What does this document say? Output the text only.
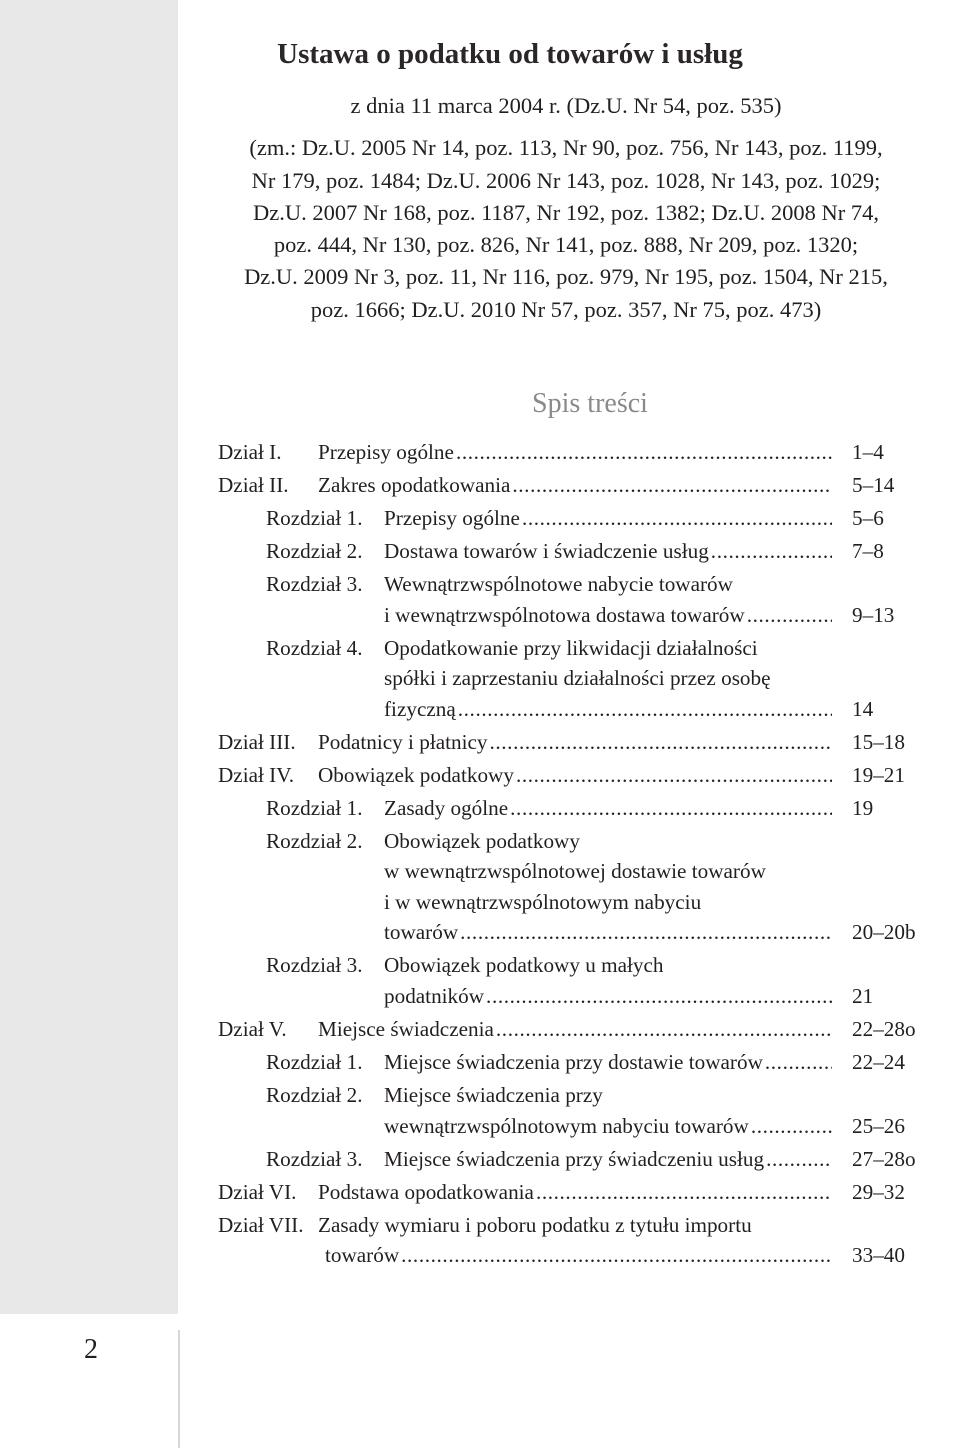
2
Ustawa o podatku od towarów i usług

z dnia 11 marca 2004 r. (Dz.U. Nr 54, poz. 535)

(zm.: Dz.U. 2005 Nr 14, poz. 113, Nr 90, poz. 756, Nr 143, poz. 1199,

Nr 179, poz. 1484; Dz.U. 2006 Nr 143, poz. 1028, Nr 143, poz. 1029;

Dz.U. 2007 Nr 168, poz. 1187, Nr 192, poz. 1382; Dz.U. 2008 Nr 74,

poz. 444, Nr 130, poz. 826, Nr 141, poz. 888, Nr 209, poz. 1320;

Dz.U. 2009 Nr 3, poz. 11, Nr 116, poz. 979, Nr 195, poz. 1504, Nr 215,

poz. 1666; Dz.U. 2010 Nr 57, poz. 357, Nr 75, poz. 473)

Spis treści
Dział I. Przepisy ogólne .....	1–4
Dział II. Zakres opodatkowania .....	5–14
Rozdział 1. Przepisy ogólne .....	5–6
Rozdział 2. Dostawa towarów i świadczenie usług .....	7–8
Rozdział 3. Wewnątrzwspólnotowe nabycie towarów
i wewnątrzwspólnotowa dostawa towarów .....	9–13
Rozdział 4. Opodatkowanie przy likwidacji działalności
spółki i zaprzestaniu działalności przez osobę
fizyczną .....	14
Dział III. Podatnicy i płatnicy .....	15–18
Dział IV. Obowiązek podatkowy .....	19–21
Rozdział 1. Zasady ogólne .....	19
Rozdział 2. Obowiązek podatkowy
w wewnątrzwspólnotowej dostawie towarów
i w wewnątrzwspólnotowym nabyciu
towarów .....	20–20b
Rozdział 3. Obowiązek podatkowy u małych
podatników .....	21
Dział V. Miejsce świadczenia .....	22–28o
Rozdział 1. Miejsce świadczenia przy dostawie towarów .....	22–24
Rozdział 2. Miejsce świadczenia przy
wewnątrzwspólnotowym nabyciu towarów .....	25–26
Rozdział 3. Miejsce świadczenia przy świadczeniu usług .....	27–28o
Dział VI. Podstawa opodatkowania .....	29–32
Dział VII. Zasady wymiaru i poboru podatku z tytułu importu
towarów .....	33–40
